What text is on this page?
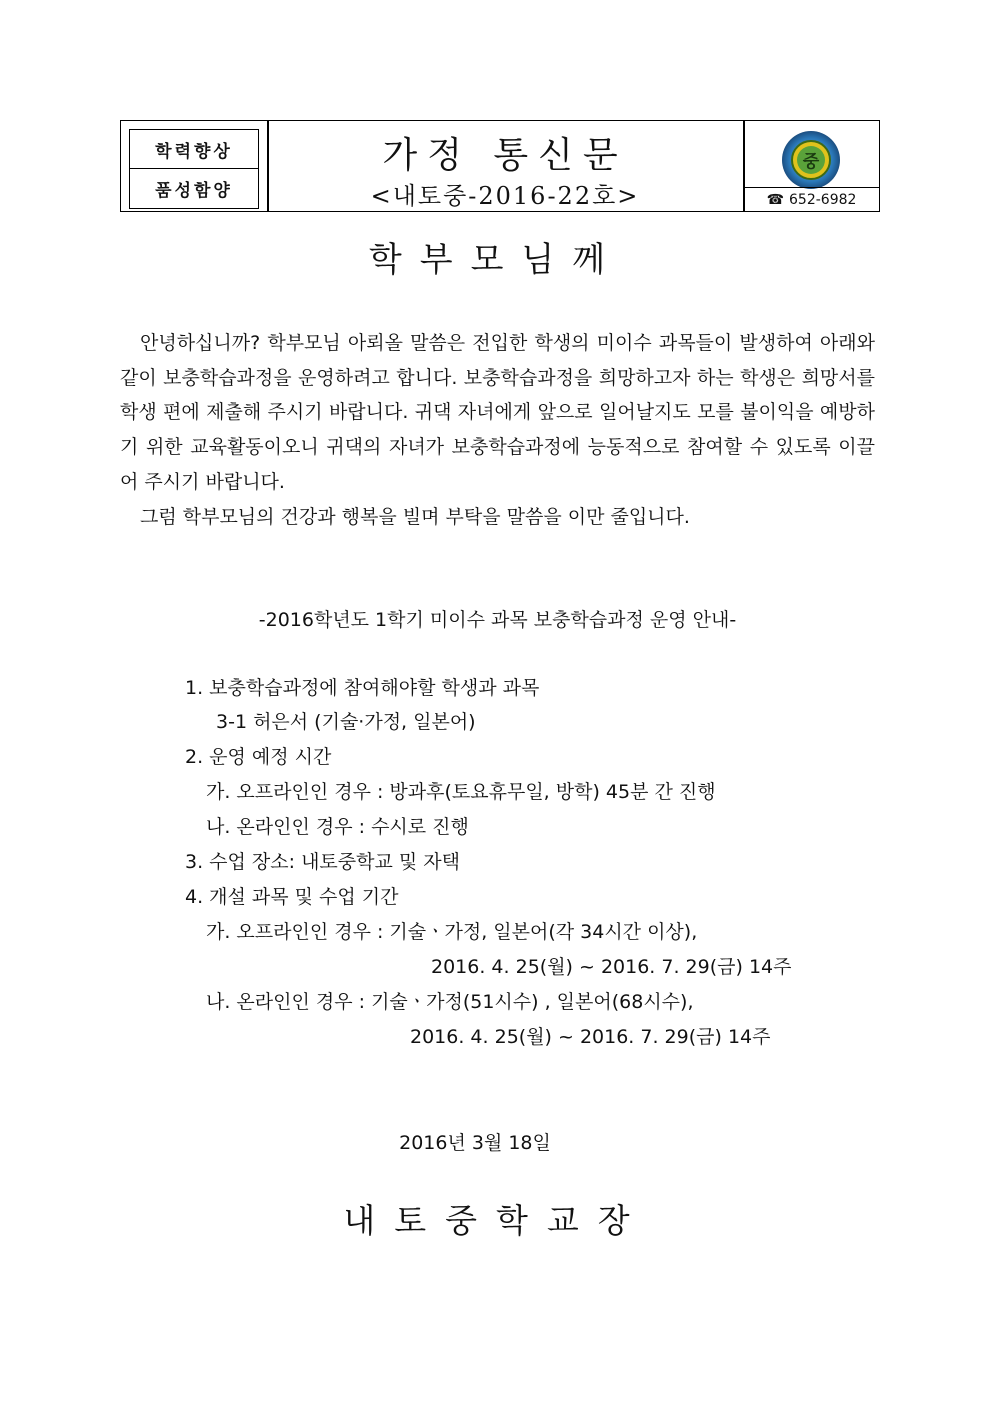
학력향상
품성함양
가정 통신문
<내토중-2016-22호>
중
☎ 652-6982
학부모님께

안녕하십니까? 학부모님 아뢰올 말씀은 전입한 학생의 미이수 과목들이 발생하여 아래와 같이 보충학습과정을 운영하려고 합니다. 보충학습과정을 희망하고자 하는 학생은 희망서를 학생 편에 제출해 주시기 바랍니다. 귀댁 자녀에게 앞으로 일어날지도 모를 불이익을 예방하기 위한 교육활동이오니 귀댁의 자녀가 보충학습과정에 능동적으로 참여할 수 있도록 이끌어 주시기 바랍니다.

그럼 학부모님의 건강과 행복을 빌며 부탁을 말씀을 이만 줄입니다.

-2016학년도 1학기 미이수 과목 보충학습과정 운영 안내-
1. 보충학습과정에 참여해야할 학생과 과목
3-1 허은서 (기술·가정, 일본어)
2. 운영 예정 시간
가. 오프라인인 경우 : 방과후(토요휴무일, 방학) 45분 간 진행
나. 온라인인 경우 : 수시로 진행
3. 수업 장소: 내토중학교 및 자택
4. 개설 과목 및 수업 기간
가. 오프라인인 경우 : 기술ㆍ가정, 일본어(각 34시간 이상),
2016. 4. 25(월) ~ 2016. 7. 29(금) 14주
나. 온라인인 경우 : 기술ㆍ가정(51시수) , 일본어(68시수),
2016. 4. 25(월) ~ 2016. 7. 29(금) 14주
2016년 3월 18일
내토중학교장
